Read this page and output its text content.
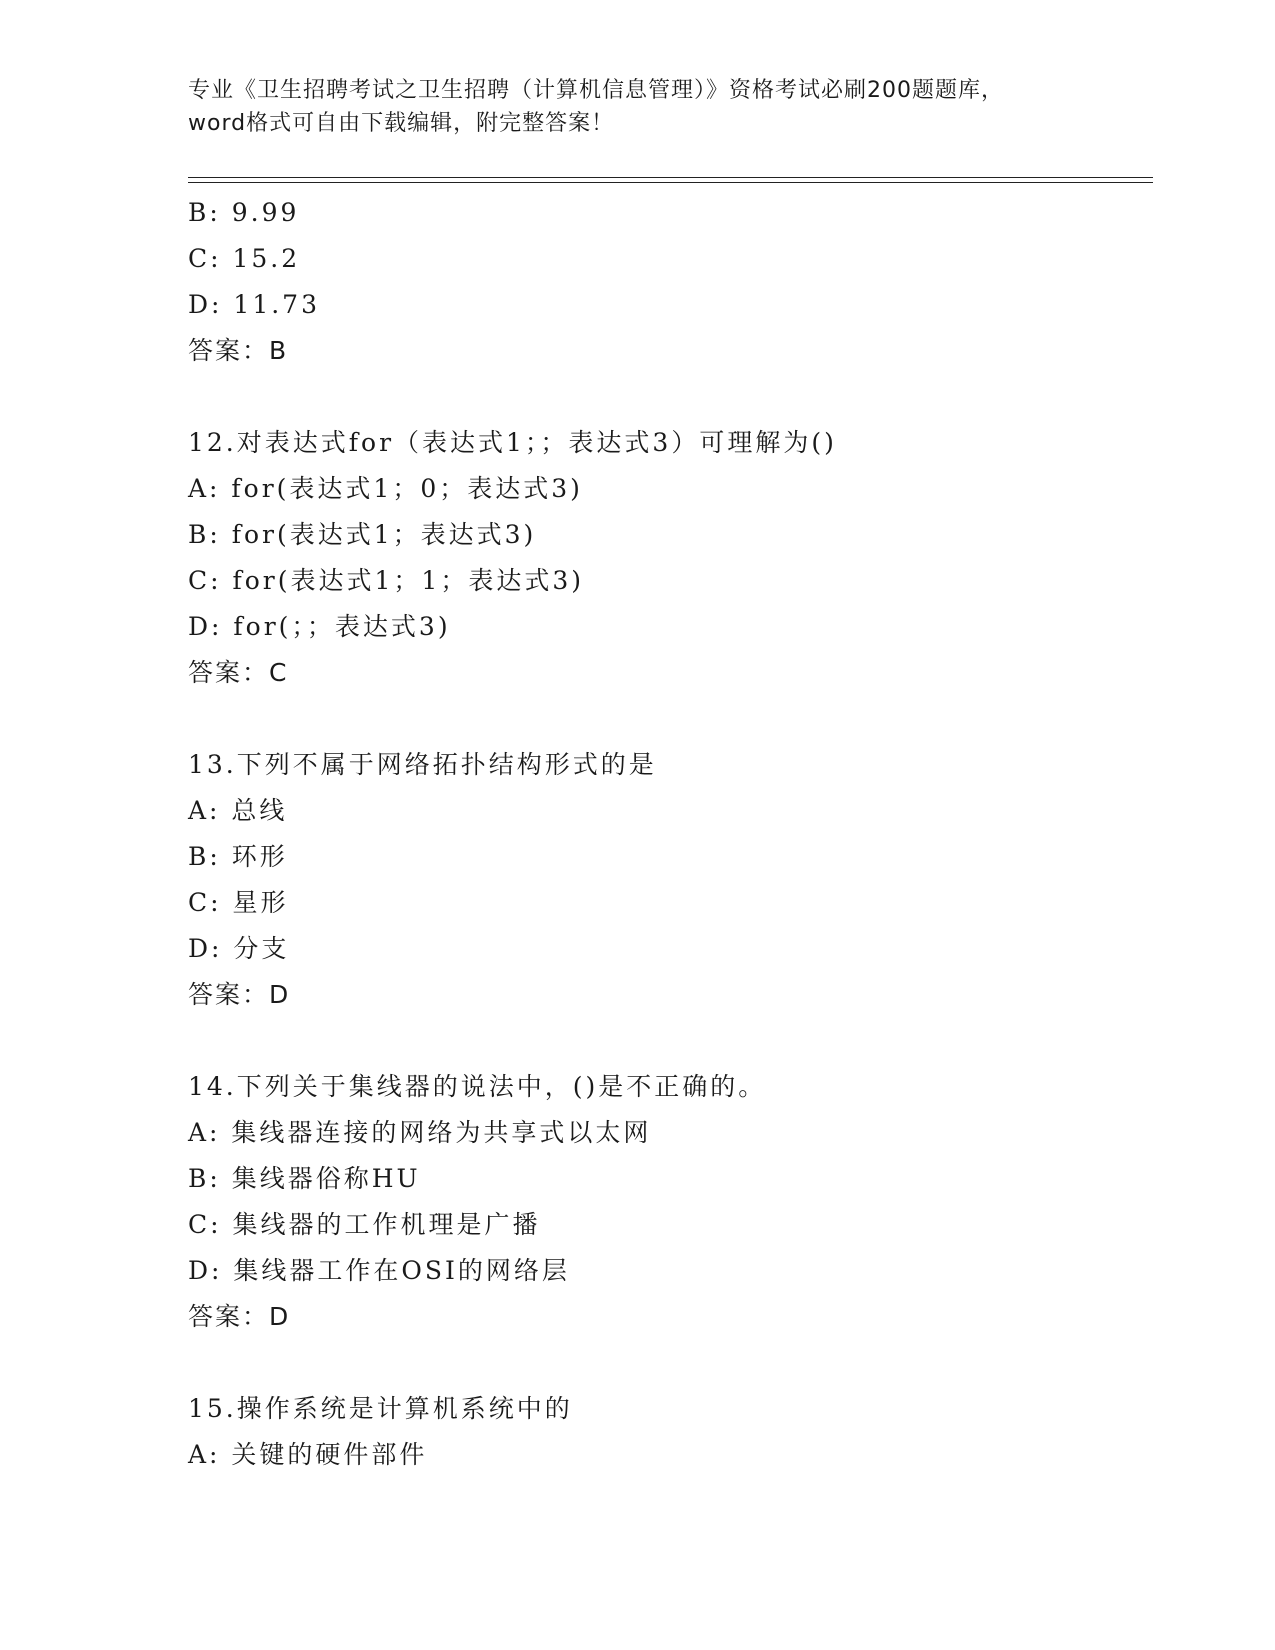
专业《卫生招聘考试之卫生招聘（计算机信息管理）》资格考试必刷200题题库，
word格式可自由下载编辑，附完整答案！
B: 9.99
C: 15.2
D: 11.73
答案：B
12.对表达式for（表达式1；；表达式3）可理解为()
A: for(表达式1；0；表达式3)
B: for(表达式1；表达式3)
C: for(表达式1；1；表达式3)
D: for(；；表达式3)
答案：C
13.下列不属于网络拓扑结构形式的是
A: 总线
B: 环形
C: 星形
D: 分支
答案：D
14.下列关于集线器的说法中，()是不正确的。
A: 集线器连接的网络为共享式以太网
B: 集线器俗称HU
C: 集线器的工作机理是广播
D: 集线器工作在OSI的网络层
答案：D
15.操作系统是计算机系统中的
A: 关键的硬件部件
